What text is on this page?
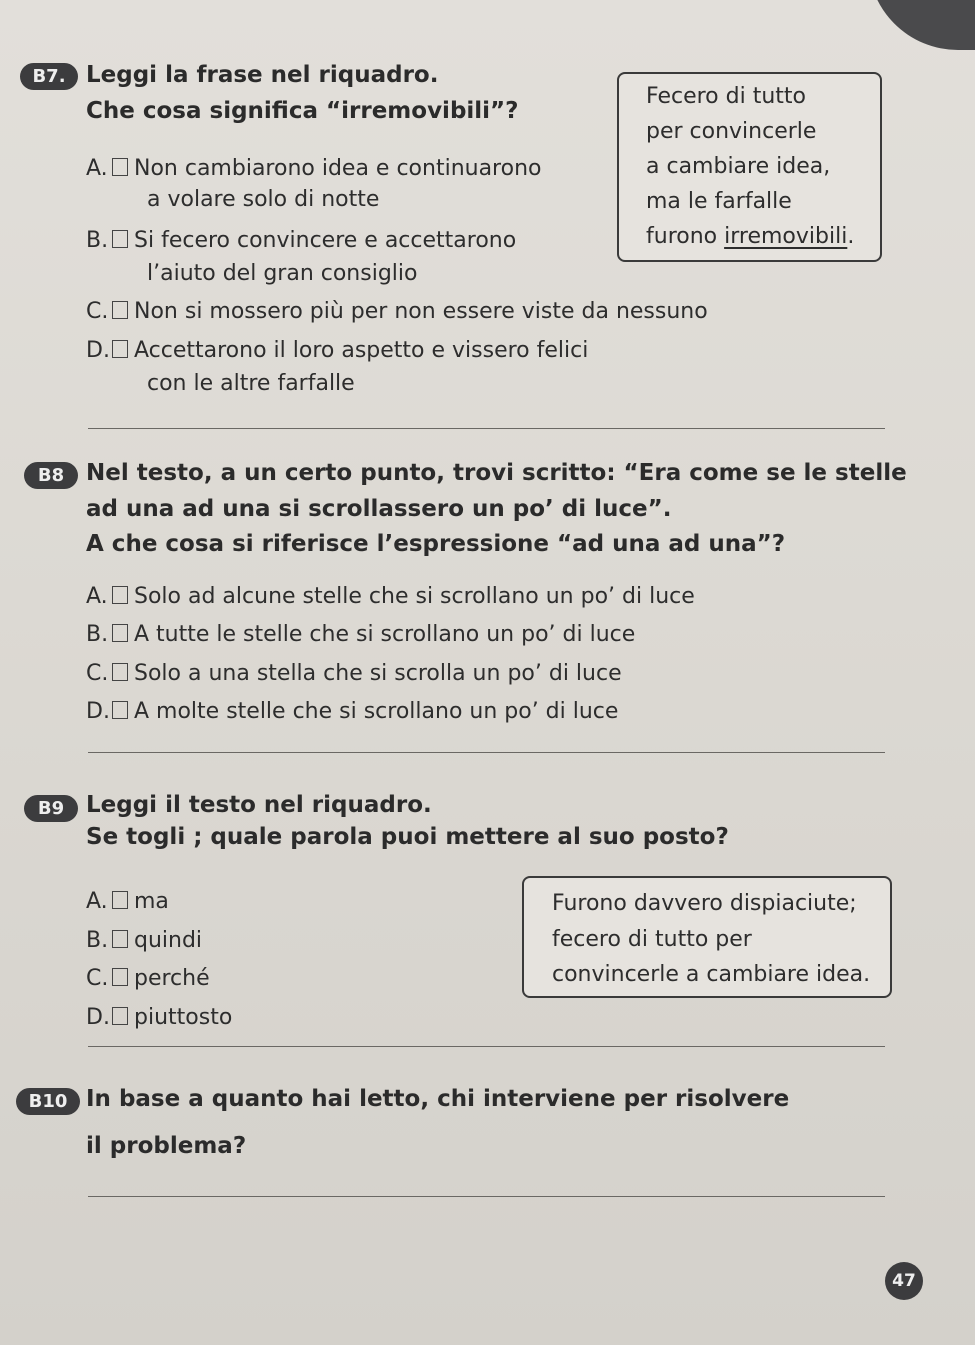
B7. Leggi la frase nel riquadro.
Che cosa significa “irremovibili”?
Fecero di tutto
per convincerle
a cambiare idea,
ma le farfalle
furono irremovibili.
A. Non cambiarono idea e continuarono
a volare solo di notte
B. Si fecero convincere e accettarono
l’aiuto del gran consiglio
C. Non si mossero più per non essere viste da nessuno
D. Accettarono il loro aspetto e vissero felici
con le altre farfalle
B8 Nel testo, a un certo punto, trovi scritto: “Era come se le stelle
ad una ad una si scrollassero un po’ di luce”.
A che cosa si riferisce l’espressione “ad una ad una”?
A. Solo ad alcune stelle che si scrollano un po’ di luce
B. A tutte le stelle che si scrollano un po’ di luce
C. Solo a una stella che si scrolla un po’ di luce
D. A molte stelle che si scrollano un po’ di luce
B9 Leggi il testo nel riquadro.
Se togli ; quale parola puoi mettere al suo posto?
Furono davvero dispiaciute;
fecero di tutto per
convincerle a cambiare idea.
A. ma
B. quindi
C. perché
D. piuttosto
B10 In base a quanto hai letto, chi interviene per risolvere
il problema?
47
